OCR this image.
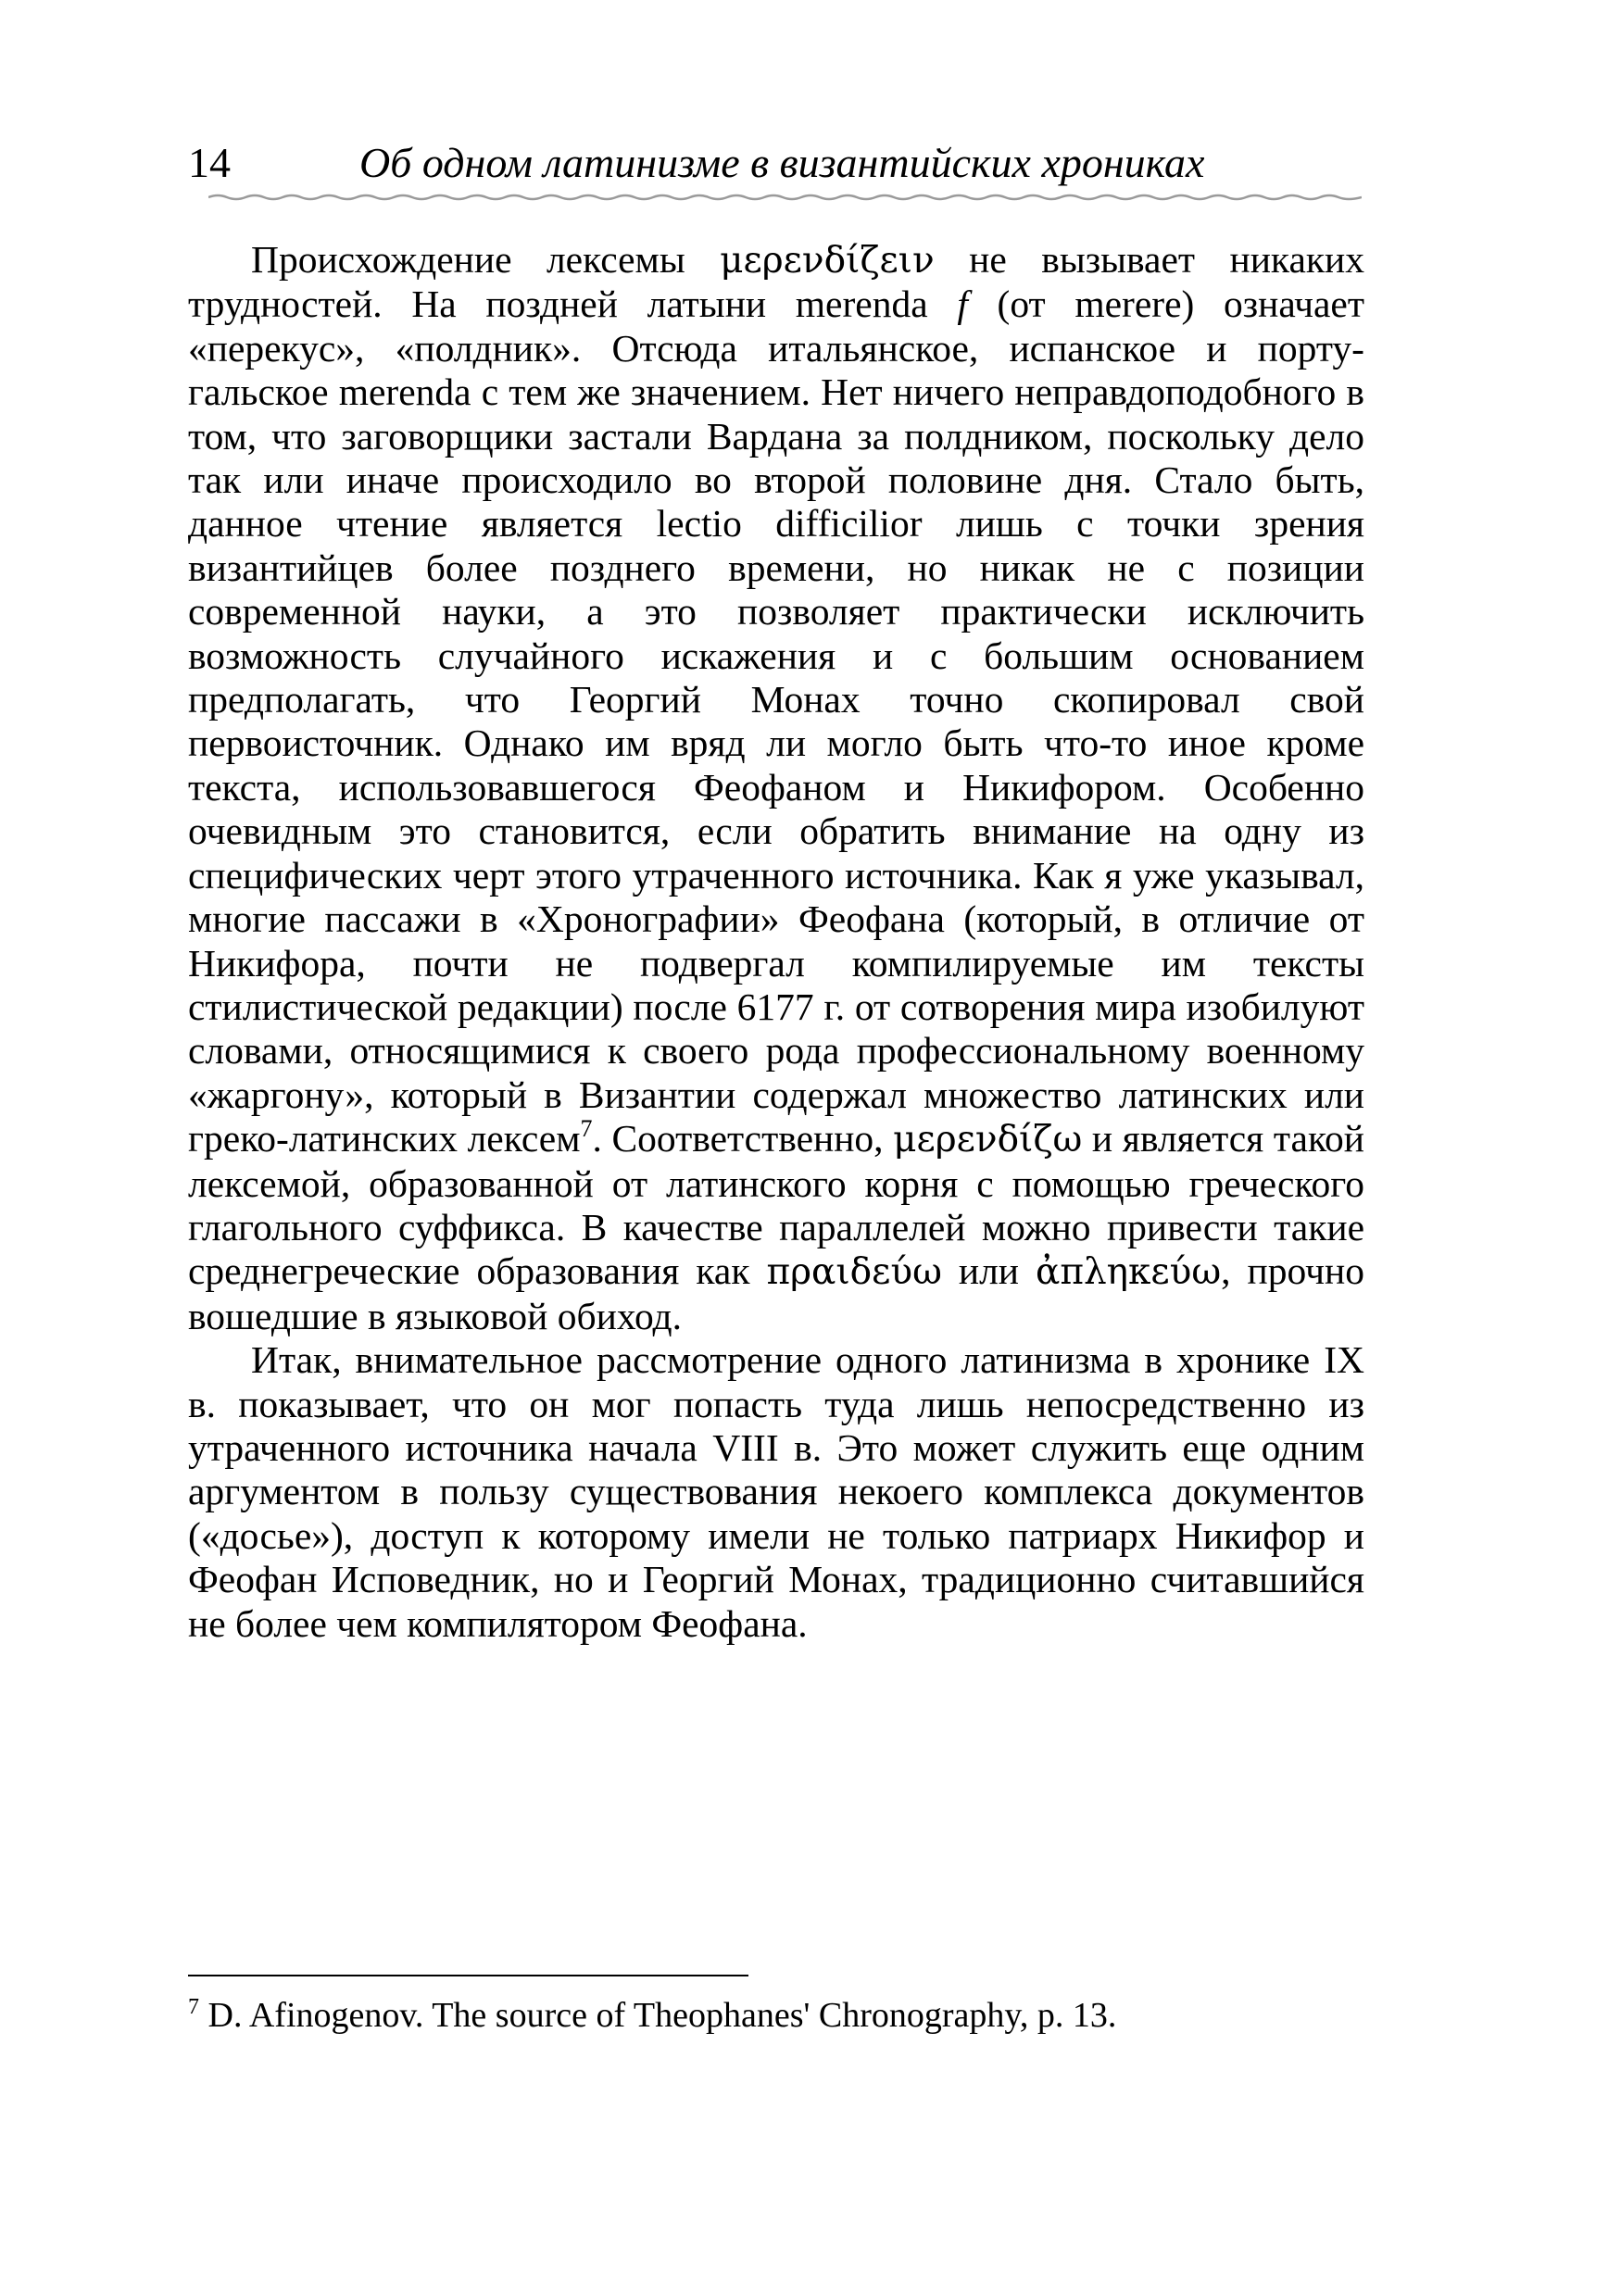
14	Об одном латинизме в византийских хрониках

Происхождение лексемы μερενδίζειν не вызывает никаких трудностей. На поздней латыни merenda f (от merere) означает «перекус», «полдник». Отсюда итальянское, испанское и португальское merenda с тем же значением. Нет ничего неправдоподобного в том, что заговорщики застали Вардана за полдником, поскольку дело так или иначе происходило во второй половине дня. Стало быть, данное чтение является lectio difficilior лишь с точки зрения византийцев более позднего времени, но никак не с позиции современной науки, а это позволяет практически исключить возможность случайного искажения и с большим основанием предполагать, что Георгий Монах точно скопировал свой первоисточник. Однако им вряд ли могло быть что-то иное кроме текста, использовавшегося Феофаном и Никифором. Особенно очевидным это становится, если обратить внимание на одну из специфических черт этого утраченного источника. Как я уже указывал, многие пассажи в «Хронографии» Феофана (который, в отличие от Никифора, почти не подвергал компилируемые им тексты стилистической редакции) после 6177 г. от сотворения мира изобилуют словами, относящимися к своего рода профессиональному военному «жаргону», который в Византии содержал множество латинских или греко-латинских лексем$^7$. Соответственно, μερενδίζω и является такой лексемой, образованной от латинского корня с помощью греческого глагольного суффикса. В качестве параллелей можно привести такие среднегреческие образования как πραιδεύω или ἀπληκεύω, прочно вошедшие в языковой обиход.

Итак, внимательное рассмотрение одного латинизма в хронике IX в. показывает, что он мог попасть туда лишь непосредственно из утраченного источника начала VIII в. Это может служить еще одним аргументом в пользу существования некоего комплекса документов («досье»), доступ к которому имели не только патриарх Никифор и Феофан Исповедник, но и Георгий Монах, традиционно считавшийся не более чем компилятором Феофана.

$^7$ D. Afinogenov. The source of Theophanes' Chronography, p. 13.
